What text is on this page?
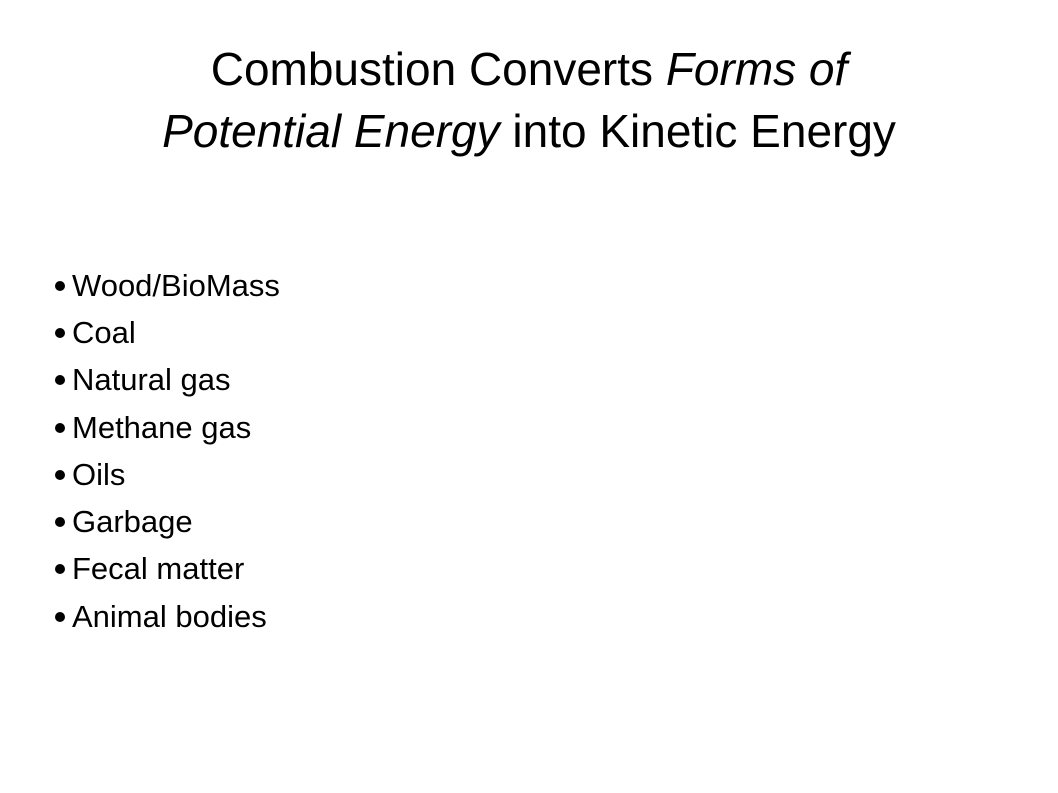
Combustion Converts Forms of
Potential Energy into Kinetic Energy
Wood/BioMass
Coal
Natural gas
Methane gas
Oils
Garbage
Fecal matter
Animal bodies
